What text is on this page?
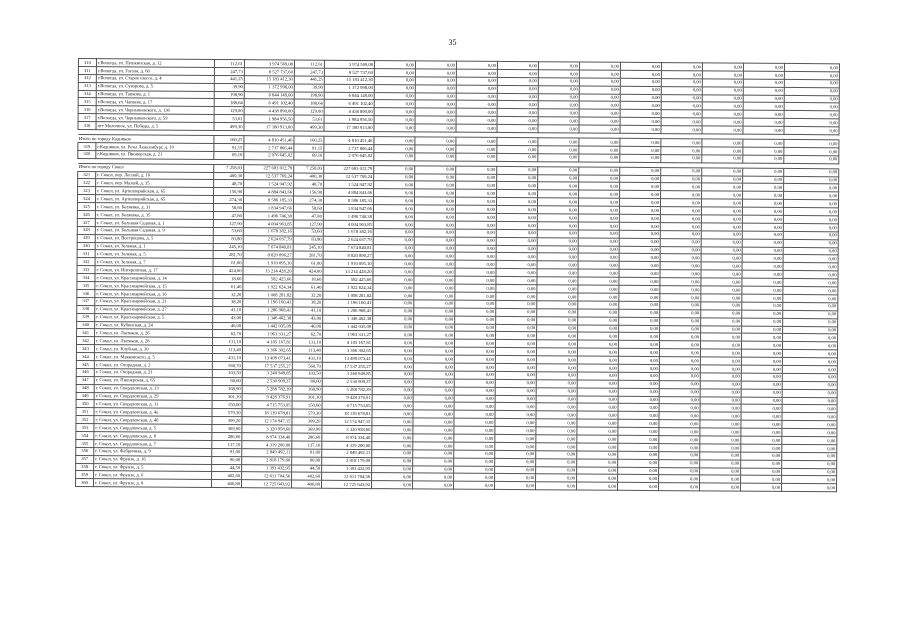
35
310	г.Вологда, ул. Пушкинская, д. 12	112,61	3 974 569,08	112,61	3 974 569,08	0,00	0,00	0,00	0,00	0,00	0,00	0,00	0,00	0,00	0,00	0,00
311	г.Вологда, ул. Гоголя, д. 60	247,73	8 527 737,60	247,73	8 527 737,60	0,00	0,00	0,00	0,00	0,00	0,00	0,00	0,00	0,00	0,00	0,00
312	г.Вологда, ул. Старое шоссе, д. 4	441,25	15 183 412,30	441,25	15 183 412,30	0,00	0,00	0,00	0,00	0,00	0,00	0,00	0,00	0,00	0,00	0,00
313	г.Вологда, ул. Суворова, д. 5	39,90	1 372 998,00	39,90	1 372 998,00	0,00	0,00	0,00	0,00	0,00	0,00	0,00	0,00	0,00	0,00	0,00
314	г.Вологда, ул. Танкова, д. 1	198,90	6 844 149,00	198,90	6 844 149,00	0,00	0,00	0,00	0,00	0,00	0,00	0,00	0,00	0,00	0,00	0,00
315	г.Вологда, ул. Чапаева, д. 17	188,64	6 491 102,40	188,64	6 491 102,40	0,00	0,00	0,00	0,00	0,00	0,00	0,00	0,00	0,00	0,00	0,00
316	г.Вологда, ул. Чернышевского, д. 136	129,00	4 438 890,00	129,00	4 438 890,00	0,00	0,00	0,00	0,00	0,00	0,00	0,00	0,00	0,00	0,00	0,00
317	г.Вологда, ул. Чернышевского, д. 59	53,61	1 984 956,50	53,61	1 984 956,50	0,00	0,00	0,00	0,00	0,00	0,00	0,00	0,00	0,00	0,00	0,00
318	пгт Молочное, ул. Победы, д. 5	499,30	17 180 913,00	499,30	17 180 913,00	0,00	0,00	0,00	0,00	0,00	0,00	0,00	0,00	0,00	0,00	0,00

Итого по городу Кадников		160,25	4 810 451,46	160,25	4 810 451,46	0,00	0,00	0,00	0,00	0,00	0,00	0,00	0,00	0,00	0,00	0,00
319	г.Кадников, ул. Розы Люксембург, д. 19	91,15	2 737 806,44	91,15	2 737 806,44	0,00	0,00	0,00	0,00	0,00	0,00	0,00	0,00	0,00	0,00	0,00
320	г.Кадников, ул. Пионерская, д. 21	69,10	2 076 645,02	69,10	2 076 645,02	0,00	0,00	0,00	0,00	0,00	0,00	0,00	0,00	0,00	0,00	0,00

Итого по городу Сокол		7 258,03	227 683 012,79	7 258,03	227 683 012,79	0,00	0,00	0,00	0,00	0,00	0,00	0,00	0,00	0,00	0,00	0,00
321	г. Сокол, пер. Лесной, д. 16	400,30	12 537 769,24	400,30	12 537 769,24	0,00	0,00	0,00	0,00	0,00	0,00	0,00	0,00	0,00	0,00	0,00
322	г. Сокол, пер. Малый, д. 35	48,70	1 524 947,92	48,70	1 524 947,92	0,00	0,00	0,00	0,00	0,00	0,00	0,00	0,00	0,00	0,00	0,00
323	г. Сокол, ул. Артиллерийская, д. 65	156,90	4 884 843,66	156,90	4 884 843,66	0,00	0,00	0,00	0,00	0,00	0,00	0,00	0,00	0,00	0,00	0,00
324	г. Сокол, ул. Артиллерийская, д. 65	274,30	8 586 185,33	274,30	8 586 185,33	0,00	0,00	0,00	0,00	0,00	0,00	0,00	0,00	0,00	0,00	0,00
325	г. Сокол, ул. Беляевка, д. 31	58,60	1 834 947,66	58,60	1 834 947,66	0,00	0,00	0,00	0,00	0,00	0,00	0,00	0,00	0,00	0,00	0,00
326	г. Сокол, ул. Беляевка, д. 35	47,80	1 496 746,38	47,80	1 496 746,38	0,00	0,00	0,00	0,00	0,00	0,00	0,00	0,00	0,00	0,00	0,00
327	г. Сокол, ул. Большая Садовая, д. 1	127,90	4 004 963,85	127,90	4 004 963,85	0,00	0,00	0,00	0,00	0,00	0,00	0,00	0,00	0,00	0,00	0,00
328	г. Сокол, ул. Большая Садовая, д. 9	53,60	1 678 382,16	53,60	1 678 382,16	0,00	0,00	0,00	0,00	0,00	0,00	0,00	0,00	0,00	0,00	0,00
329	г. Сокол, ул. Вострецова, д. 5	83,80	2 624 037,79	83,80	2 624 037,79	0,00	0,00	0,00	0,00	0,00	0,00	0,00	0,00	0,00	0,00	0,00
330	г. Сокол, ул. Зеленая, д. 1	245,10	7 674 840,81	245,10	7 674 840,81	0,00	0,00	0,00	0,00	0,00	0,00	0,00	0,00	0,00	0,00	0,00
331	г. Сокол, ул. Зеленая, д. 5	281,70	8 820 896,27	281,70	8 820 896,27	0,00	0,00	0,00	0,00	0,00	0,00	0,00	0,00	0,00	0,00	0,00
332	г. Сокол, ул. Зеленая, д. 7	61,00	1 910 095,10	61,00	1 910 095,10	0,00	0,00	0,00	0,00	0,00	0,00	0,00	0,00	0,00	0,00	0,00
333	г. Сокол, ул. Интернатная, д. 17	424,00	13 214 428,20	424,00	13 214 428,20	0,00	0,00	0,00	0,00	0,00	0,00	0,00	0,00	0,00	0,00	0,00
334	г. Сокол, ул. Красноармейская, д. 14	18,60	582 425,66	18,60	582 425,66	0,00	0,00	0,00	0,00	0,00	0,00	0,00	0,00	0,00	0,00	0,00
335	г. Сокол, ул. Красноармейская, д. 15	61,40	1 922 624,34	61,40	1 922 624,34	0,00	0,00	0,00	0,00	0,00	0,00	0,00	0,00	0,00	0,00	0,00
336	г. Сокол, ул. Красноармейская, д. 16	32,20	1 008 281,82	32,20	1 008 281,82	0,00	0,00	0,00	0,00	0,00	0,00	0,00	0,00	0,00	0,00	0,00
337	г. Сокол, ул. Красноармейская, д. 21	38,20	1 196 160,41	38,20	1 196 160,41	0,00	0,00	0,00	0,00	0,00	0,00	0,00	0,00	0,00	0,00	0,00
338	г. Сокол, ул. Красноармейская, д. 27	41,10	1 286 968,41	41,10	1 286 968,41	0,00	0,00	0,00	0,00	0,00	0,00	0,00	0,00	0,00	0,00	0,00
339	г. Сокол, ул. Красноармейская, д. 5	43,00	1 346 462,38	43,00	1 346 462,38	0,00	0,00	0,00	0,00	0,00	0,00	0,00	0,00	0,00	0,00	0,00
340	г. Сокол, ул. Кубинская, д. 24	46,00	1 442 035,09	46,00	1 442 035,09	0,00	0,00	0,00	0,00	0,00	0,00	0,00	0,00	0,00	0,00	0,00
341	г. Сокол, ул. Лютиков, д. 26	62,70	1 963 331,27	62,70	1 963 331,27	0,00	0,00	0,00	0,00	0,00	0,00	0,00	0,00	0,00	0,00	0,00
342	г. Сокол, ул. Лютиков, д. 28	131,10	4 105 167,81	131,10	4 105 167,81	0,00	0,00	0,00	0,00	0,00	0,00	0,00	0,00	0,00	0,00	0,00
343	г. Сокол, ул. Клубная, д. 30	113,40	3 366 302,65	113,40	3 366 302,65	0,00	0,00	0,00	0,00	0,00	0,00	0,00	0,00	0,00	0,00	0,00
344	г. Сокол, ул. Маяковского, д. 5	431,10	13 499 073,41	431,10	13 499 073,41	0,00	0,00	0,00	0,00	0,00	0,00	0,00	0,00	0,00	0,00	0,00
345	г. Сокол, ул. Огородная, д. 2	560,70	17 537 255,27	560,70	17 537 255,27	0,00	0,00	0,00	0,00	0,00	0,00	0,00	0,00	0,00	0,00	0,00
346	г. Сокол, ул. Огородная, д. 21	103,50	3 240 949,85	103,50	3 240 949,85	0,00	0,00	0,00	0,00	0,00	0,00	0,00	0,00	0,00	0,00	0,00
347	г. Сокол, ул. Пионерская, д. 65	80,60	2 530 909,37	80,60	2 530 909,37	0,00	0,00	0,00	0,00	0,00	0,00	0,00	0,00	0,00	0,00	0,00
348	г. Сокол, ул. Свердловская, д. 13	168,90	5 288 782,39	168,90	5 288 782,39	0,00	0,00	0,00	0,00	0,00	0,00	0,00	0,00	0,00	0,00	0,00
349	г. Сокол, ул. Свердловская, д. 29	301,10	9 428 376,91	301,10	9 428 376,91	0,00	0,00	0,00	0,00	0,00	0,00	0,00	0,00	0,00	0,00	0,00
350	г. Сокол, ул. Свердловская, д. 31	150,60	4 715 753,05	150,60	4 715 753,05	0,00	0,00	0,00	0,00	0,00	0,00	0,00	0,00	0,00	0,00	0,00
351	г. Сокол, ул. Свердловская, д. 4а	579,30	18 139 678,81	579,30	18 139 678,81	0,00	0,00	0,00	0,00	0,00	0,00	0,00	0,00	0,00	0,00	0,00
352	г. Сокол, ул. Свердловская, д. 4б	399,20	12 174 947,15	399,20	12 174 947,15	0,00	0,00	0,00	0,00	0,00	0,00	0,00	0,00	0,00	0,00	0,00
353	г. Сокол, ул. Свердловская, д. 5	369,90	3 320 958,60	369,90	3 320 958,60	0,00	0,00	0,00	0,00	0,00	0,00	0,00	0,00	0,00	0,00	0,00
354	г. Сокол, ул. Свердловская, д. 8	286,60	8 974 334,40	286,60	8 974 334,40	0,00	0,00	0,00	0,00	0,00	0,00	0,00	0,00	0,00	0,00	0,00
355	г. Сокол, ул. Свердловская, д. 7	137,10	4 319 200,00	137,10	4 319 200,00	0,00	0,00	0,00	0,00	0,00	0,00	0,00	0,00	0,00	0,00	0,00
356	г. Сокол, ул. Фабричная, д. 9	91,00	2 849 492,11	91,00	2 849 492,11	0,00	0,00	0,00	0,00	0,00	0,00	0,00	0,00	0,00	0,00	0,00
357	г. Сокол, ул. Фрунзе, д. 16	90,00	2 818 179,00	90,00	2 818 179,00	0,00	0,00	0,00	0,00	0,00	0,00	0,00	0,00	0,00	0,00	0,00
358	г. Сокол, ул. Фрунзе, д. 5	44,50	1 393 432,95	44,50	1 393 432,95	0,00	0,00	0,00	0,00	0,00	0,00	0,00	0,00	0,00	0,00	0,00
359	г. Сокол, ул. Фрунзе, д. 6	402,60	12 611 704,56	402,60	12 611 704,56	0,00	0,00	0,00	0,00	0,00	0,00	0,00	0,00	0,00	0,00	0,00
360	г. Сокол, ул. Фрунзе, д. 8	406,80	12 725 643,92	406,80	12 725 643,92	0,00	0,00	0,00	0,00	0,00	0,00	0,00	0,00	0,00	0,00	0,00
